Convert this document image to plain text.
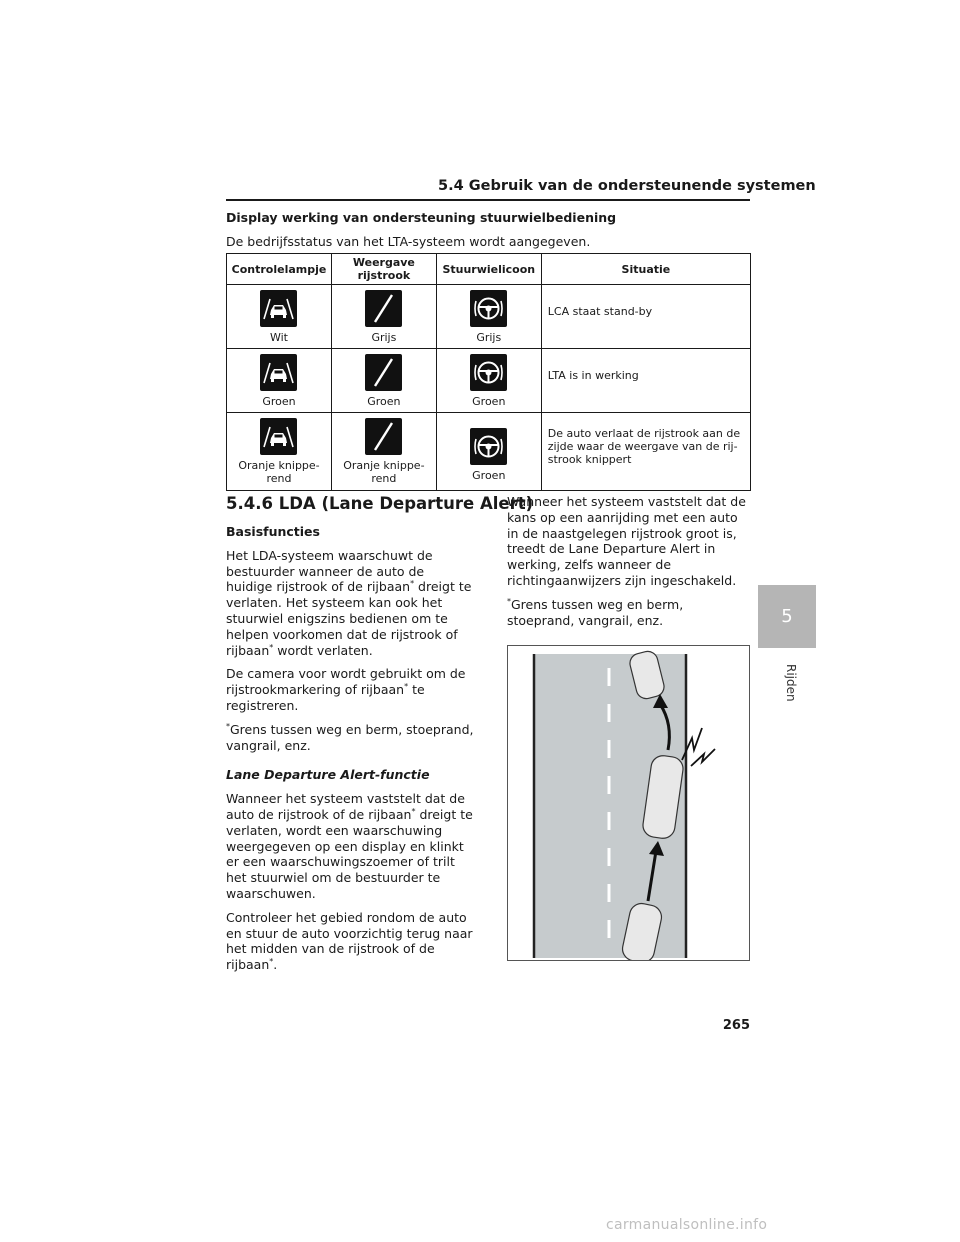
5.4 Gebruik van de ondersteunende systemen
Display werking van ondersteuning stuurwielbediening
De bedrijfsstatus van het LTA-systeem wordt aangegeven.
Controlelampje	Weergave rijstrook	Stuurwielicoon	Situatie

Wit	Grijs	Grijs	LCA staat stand-by

Groen	Groen	Groen	LTA is in werking

Oranje knippe-rend	Oranje knippe-rend	Groen	De auto verlaat de rijstrook aan de zijde waar de weergave van de rij-strook knippert
5.4.6 LDA (Lane Departure Alert)

Basisfuncties

Het LDA-systeem waarschuwt de bestuurder wanneer de auto de huidige rijstrook of de rijbaan* dreigt te verlaten. Het systeem kan ook het stuurwiel enigszins bedienen om te helpen voorkomen dat de rijstrook of rijbaan* wordt verlaten.

De camera voor wordt gebruikt om de rijstrookmarkering of rijbaan* te registreren.

*Grens tussen weg en berm, stoeprand, vangrail, enz.

Lane Departure Alert-functie

Wanneer het systeem vaststelt dat de auto de rijstrook of de rijbaan* dreigt te verlaten, wordt een waarschuwing weergegeven op een display en klinkt er een waarschuwingszoemer of trilt het stuurwiel om de bestuurder te waarschuwen.

Controleer het gebied rondom de auto en stuur de auto voorzichtig terug naar het midden van de rijstrook of de rijbaan*.

Wanneer het systeem vaststelt dat de kans op een aanrijding met een auto in de naastgelegen rijstrook groot is, treedt de Lane Departure Alert in werking, zelfs wanneer de richtingaanwijzers zijn ingeschakeld.

*Grens tussen weg en berm, stoeprand, vangrail, enz.	5
Rijden
265
carmanualsonline.info
